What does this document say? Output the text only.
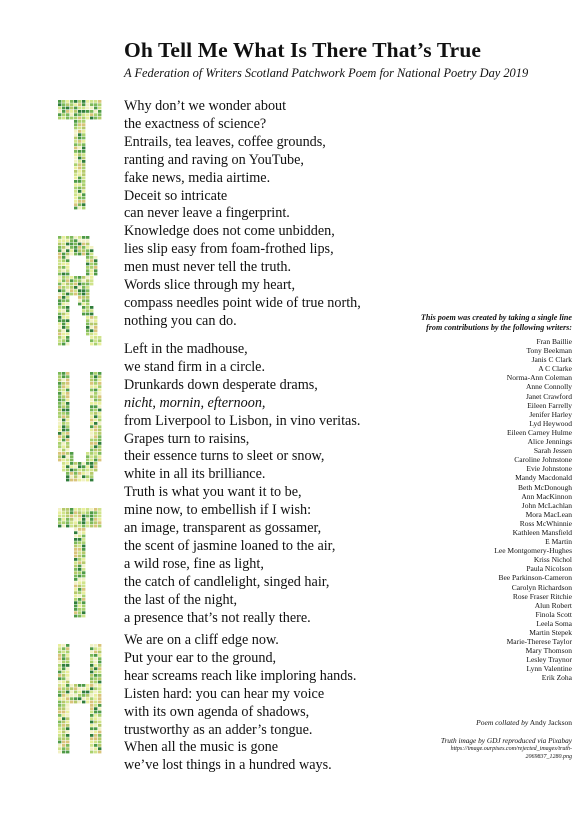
Oh Tell Me What Is There That’s True
A Federation of Writers Scotland Patchwork Poem for National Poetry Day 2019
Why don’t we wonder about
the exactness of science?
Entrails, tea leaves, coffee grounds,
ranting and raving on YouTube,
fake news, media airtime.
Deceit so intricate
can never leave a fingerprint.
Knowledge does not come unbidden,
lies slip easy from foam-frothed lips,
men must never tell the truth.
Words slice through my heart,
compass needles point wide of true north,
nothing you can do.
Left in the madhouse,
we stand firm in a circle.
Drunkards down desperate drams,
nicht, mornin, efternoon,
from Liverpool to Lisbon, in vino veritas.
Grapes turn to raisins,
their essence turns to sleet or snow,
white in all its brilliance.
Truth is what you want it to be,
mine now, to embellish if I wish:
an image, transparent as gossamer,
the scent of jasmine loaned to the air,
a wild rose, fine as light,
the catch of candlelight, singed hair,
the last of the night,
a presence that’s not really there.
We are on a cliff edge now.
Put your ear to the ground,
hear screams reach like imploring hands.
Listen hard: you can hear my voice
with its own agenda of shadows,
trustworthy as an adder’s tongue.
When all the music is gone
we’ve lost things in a hundred ways.

This poem was created by taking a single line from contributions by the following writers:

Fran Baillie
Tony Beekman
Janis C Clark
A C Clarke
Norma-Ann Coleman
Anne Connolly
Janet Crawford
Eileen Farrelly
Jenifer Harley
Lyd Heywood
Eileen Carney Hulme
Alice Jennings
Sarah Jessen
Caroline Johnstone
Evie Johnstone
Mandy Macdonald
Beth McDonough
Ann MacKinnon
John McLachlan
Mora MacLean
Ross McWhinnie
Kathleen Mansfield
E Martin
Lee Montgomery-Hughes
Kriss Nichol
Paula Nicolson
Bee Parkinson-Cameron
Carolyn Richardson
Rose Fraser Ritchie
Alun Robert
Finola Scott
Leela Soma
Martin Stepek
Marie-Therese Taylor
Mary Thomson
Lesley Traynor
Lynn Valentine
Erik Zoha
Poem collated by Andy Jackson
Truth image by GDJ reproduced via Pixabay
https://image.ourpixes.com/rejected_images/truth-2069837_1280.png
